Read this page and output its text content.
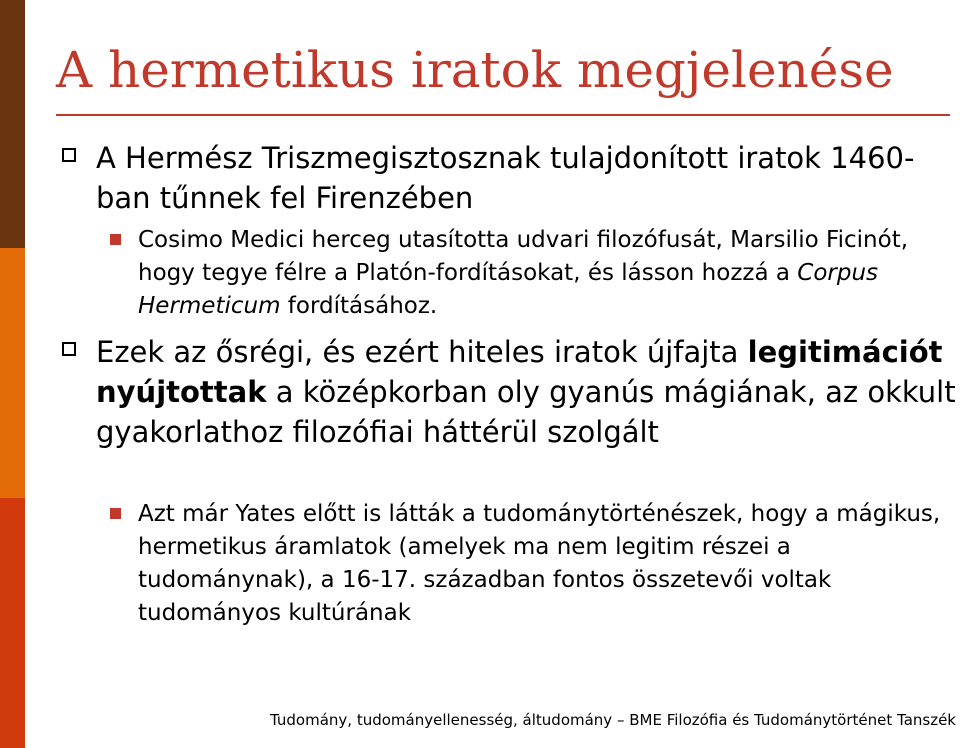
A hermetikus iratok megjelenése
A Hermész Triszmegisztosznak tulajdonított iratok 1460-ban tűnnek fel Firenzében
Cosimo Medici herceg utasította udvari filozófusát, Marsilio Ficinót, hogy tegye félre a Platón-fordításokat, és lásson hozzá a Corpus Hermeticum fordításához.
Ezek az ősrégi, és ezért hiteles iratok újfajta legitimációt nyújtottak a középkorban oly gyanús mágiának, az okkult gyakorlathoz filozófiai háttérül szolgált
Azt már Yates előtt is látták a tudománytörténészek, hogy a mágikus, hermetikus áramlatok (amelyek ma nem legitim részei a tudománynak), a 16-17. században fontos összetevői voltak tudományos kultúrának
Tudomány, tudományellenesség, áltudomány – BME Filozófia és Tudománytörténet Tanszék
